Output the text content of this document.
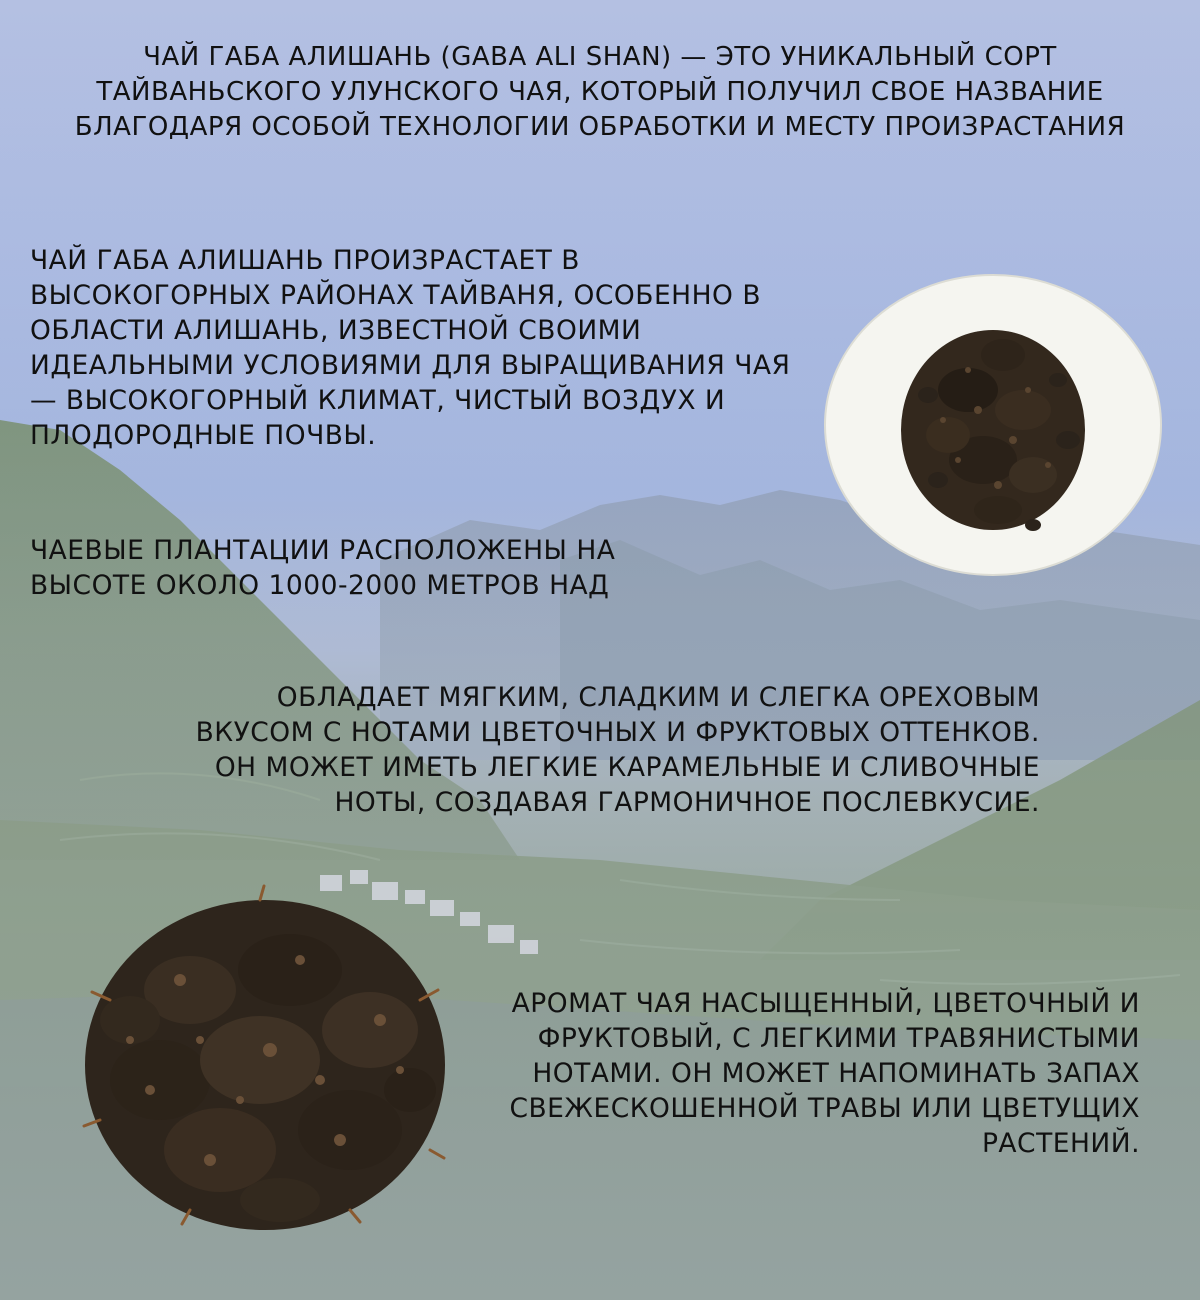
ЧАЙ ГАБА АЛИШАНЬ (GABA ALI SHAN) — ЭТО УНИКАЛЬНЫЙ СОРТ ТАЙВАНЬСКОГО УЛУНСКОГО ЧАЯ, КОТОРЫЙ ПОЛУЧИЛ СВОЕ НАЗВАНИЕ БЛАГОДАРЯ ОСОБОЙ ТЕХНОЛОГИИ ОБРАБОТКИ И МЕСТУ ПРОИЗРАСТАНИЯ

ЧАЙ ГАБА АЛИШАНЬ ПРОИЗРАСТАЕТ В ВЫСОКОГОРНЫХ РАЙОНАХ ТАЙВАНЯ, ОСОБЕННО В ОБЛАСТИ АЛИШАНЬ, ИЗВЕСТНОЙ СВОИМИ ИДЕАЛЬНЫМИ УСЛОВИЯМИ ДЛЯ ВЫРАЩИВАНИЯ ЧАЯ — ВЫСОКОГОРНЫЙ КЛИМАТ, ЧИСТЫЙ ВОЗДУХ И ПЛОДОРОДНЫЕ ПОЧВЫ.

ЧАЕВЫЕ ПЛАНТАЦИИ РАСПОЛОЖЕНЫ НА ВЫСОТЕ ОКОЛО 1000-2000 МЕТРОВ НАД

ОБЛАДАЕТ МЯГКИМ, СЛАДКИМ И СЛЕГКА ОРЕХОВЫМ ВКУСОМ С НОТАМИ ЦВЕТОЧНЫХ И ФРУКТОВЫХ ОТТЕНКОВ. ОН МОЖЕТ ИМЕТЬ ЛЕГКИЕ КАРАМЕЛЬНЫЕ И СЛИВОЧНЫЕ НОТЫ, СОЗДАВАЯ ГАРМОНИЧНОЕ ПОСЛЕВКУСИЕ.

АРОМАТ ЧАЯ НАСЫЩЕННЫЙ, ЦВЕТОЧНЫЙ И ФРУКТОВЫЙ, С ЛЕГКИМИ ТРАВЯНИСТЫМИ НОТАМИ. ОН МОЖЕТ НАПОМИНАТЬ ЗАПАХ СВЕЖЕСКОШЕННОЙ ТРАВЫ ИЛИ ЦВЕТУЩИХ РАСТЕНИЙ.
